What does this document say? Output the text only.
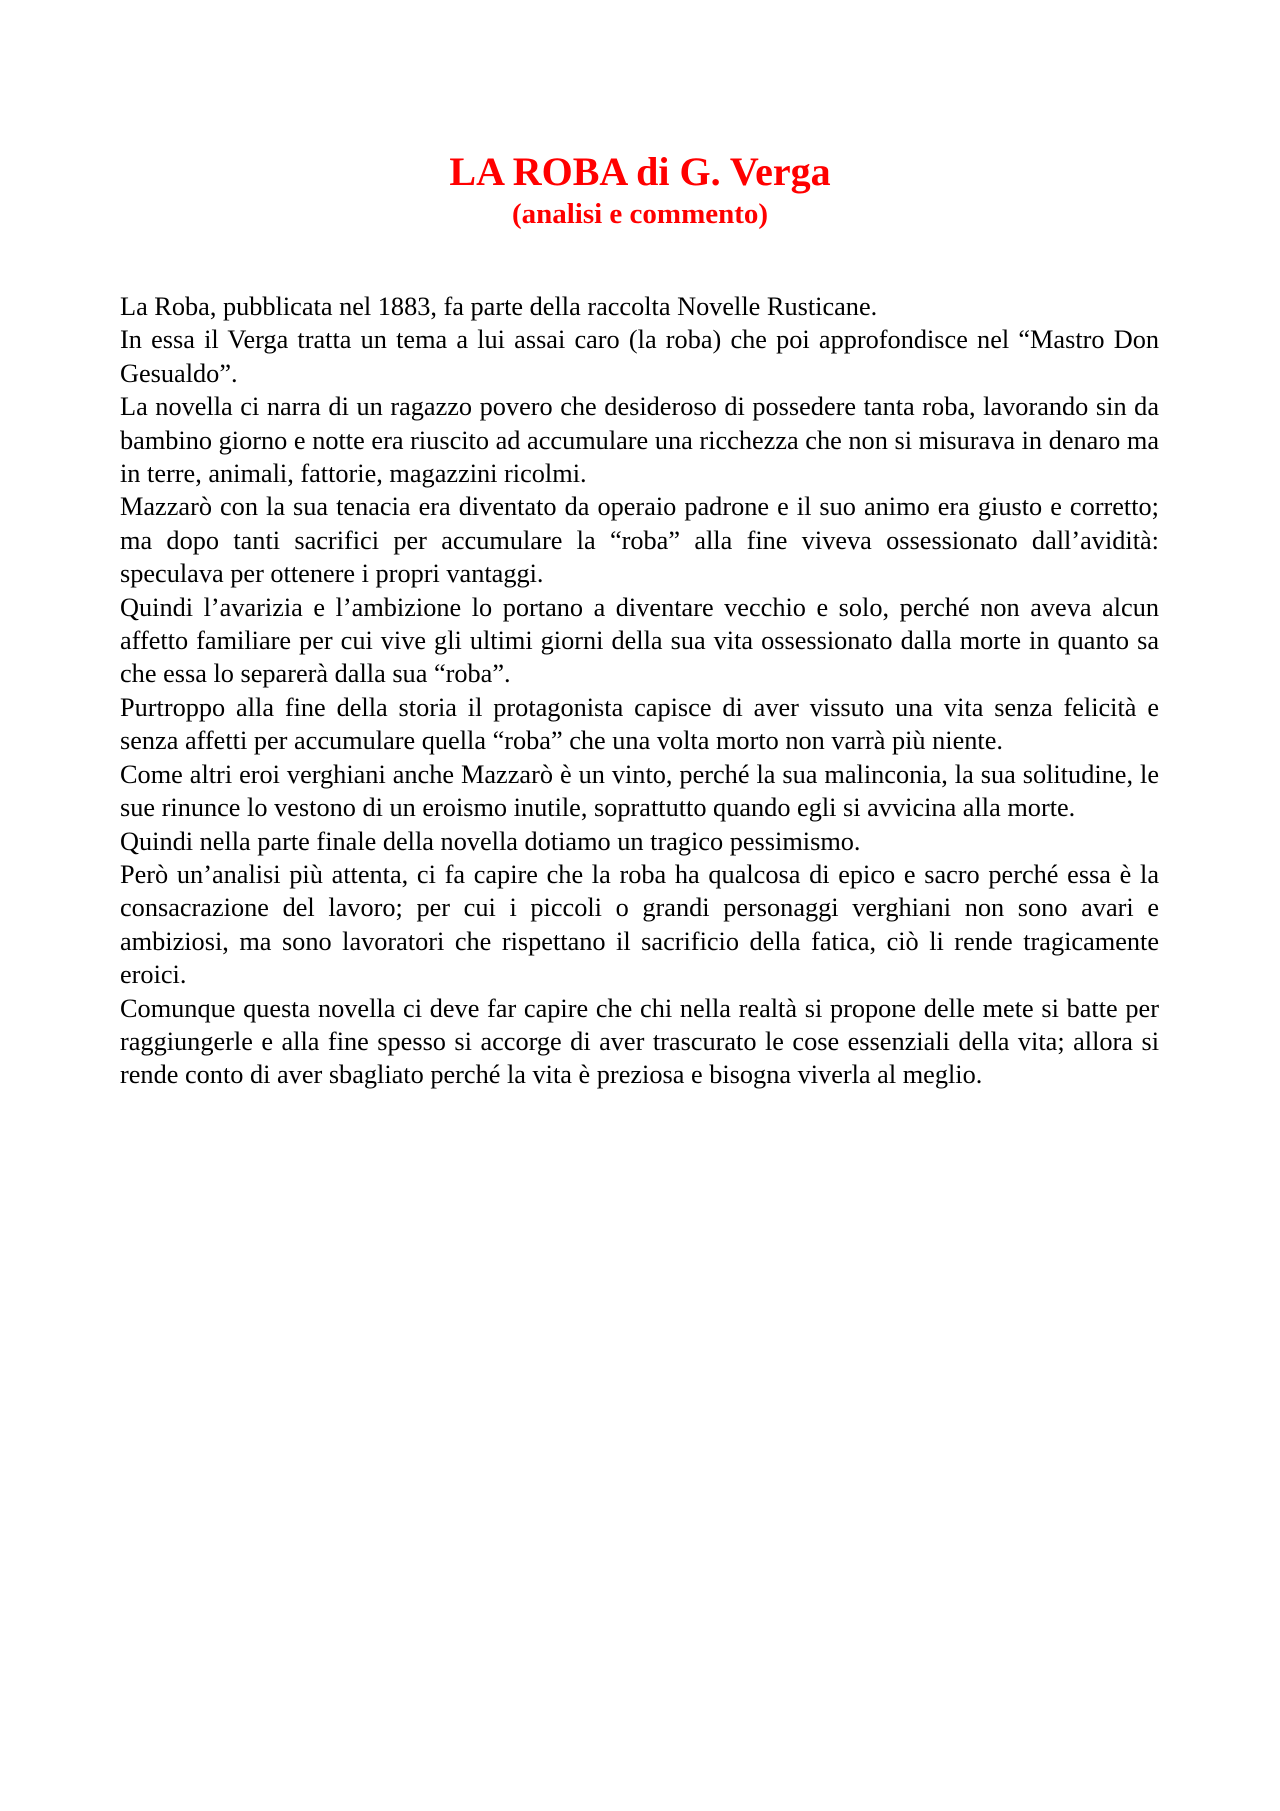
LA ROBA di G. Verga
(analisi e commento)

La Roba, pubblicata nel 1883, fa parte della raccolta Novelle Rusticane.

In essa il Verga tratta un tema a lui assai caro (la roba) che poi approfondisce nel “Mastro Don Gesualdo”.

La novella ci narra di un ragazzo povero che desideroso di possedere tanta roba, lavorando sin da bambino giorno e notte era riuscito ad accumulare una ricchezza che non si misurava in denaro ma in terre, animali, fattorie, magazzini ricolmi.

Mazzarò con la sua tenacia era diventato da operaio padrone e il suo animo era giusto e corretto; ma dopo tanti sacrifici per accumulare la “roba” alla fine viveva ossessionato dall’avidità: speculava per ottenere i propri vantaggi.

Quindi l’avarizia e l’ambizione lo portano a diventare vecchio e solo, perché non aveva alcun affetto familiare per cui vive gli ultimi giorni della sua vita ossessionato dalla morte in quanto sa che essa lo separerà dalla sua “roba”.

Purtroppo alla fine della storia il protagonista capisce di aver vissuto una vita senza felicità e senza affetti per accumulare quella “roba” che una volta morto non varrà più niente.

Come altri eroi verghiani anche Mazzarò è un vinto, perché la sua malinconia, la sua solitudine, le sue rinunce lo vestono di un eroismo inutile, soprattutto quando egli si avvicina alla morte.

Quindi nella parte finale della novella dotiamo un tragico pessimismo.

Però un’analisi più attenta, ci fa capire che la roba ha qualcosa di epico e sacro perché essa è la consacrazione del lavoro; per cui i piccoli o grandi personaggi verghiani non sono avari e ambiziosi, ma sono lavoratori che rispettano il sacrificio della fatica, ciò li rende tragicamente eroici.

Comunque questa novella ci deve far capire che chi nella realtà si propone delle mete si batte per raggiungerle e alla fine spesso si accorge di aver trascurato le cose essenziali della vita; allora si rende conto di aver sbagliato perché la vita è preziosa e bisogna viverla al meglio.
